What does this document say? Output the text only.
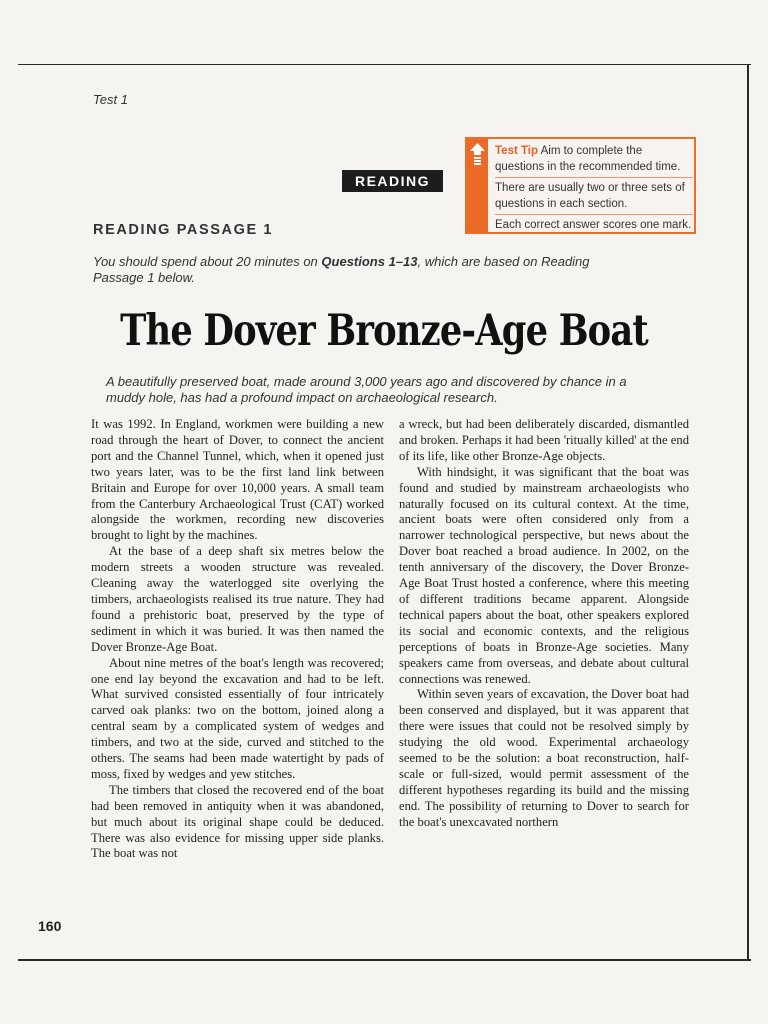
Test 1
READING

Test Tip Aim to complete the questions in the recommended time.

There are usually two or three sets of questions in each section.

Each correct answer scores one mark.

READING PASSAGE 1
You should spend about 20 minutes on Questions 1–13, which are based on Reading Passage 1 below.
The Dover Bronze-Age Boat
A beautifully preserved boat, made around 3,000 years ago and discovered by chance in a muddy hole, has had a profound impact on archaeological research.

It was 1992. In England, workmen were building a new road through the heart of Dover, to connect the ancient port and the Channel Tunnel, which, when it opened just two years later, was to be the first land link between Britain and Europe for over 10,000 years. A small team from the Canterbury Archaeological Trust (CAT) worked alongside the workmen, recording new discoveries brought to light by the machines.

At the base of a deep shaft six metres below the modern streets a wooden structure was revealed. Cleaning away the waterlogged site overlying the timbers, archaeologists realised its true nature. They had found a prehistoric boat, preserved by the type of sediment in which it was buried. It was then named the Dover Bronze-Age Boat.

About nine metres of the boat's length was recovered; one end lay beyond the excavation and had to be left. What survived consisted essentially of four intricately carved oak planks: two on the bottom, joined along a central seam by a complicated system of wedges and timbers, and two at the side, curved and stitched to the others. The seams had been made watertight by pads of moss, fixed by wedges and yew stitches.

The timbers that closed the recovered end of the boat had been removed in antiquity when it was abandoned, but much about its original shape could be deduced. There was also evidence for missing upper side planks. The boat was not

a wreck, but had been deliberately discarded, dismantled and broken. Perhaps it had been 'ritually killed' at the end of its life, like other Bronze-Age objects.

With hindsight, it was significant that the boat was found and studied by mainstream archaeologists who naturally focused on its cultural context. At the time, ancient boats were often considered only from a narrower technological perspective, but news about the Dover boat reached a broad audience. In 2002, on the tenth anniversary of the discovery, the Dover Bronze-Age Boat Trust hosted a conference, where this meeting of different traditions became apparent. Alongside technical papers about the boat, other speakers explored its social and economic contexts, and the religious perceptions of boats in Bronze-Age societies. Many speakers came from overseas, and debate about cultural connections was renewed.

Within seven years of excavation, the Dover boat had been conserved and displayed, but it was apparent that there were issues that could not be resolved simply by studying the old wood. Experimental archaeology seemed to be the solution: a boat reconstruction, half-scale or full-sized, would permit assessment of the different hypotheses regarding its build and the missing end. The possibility of returning to Dover to search for the boat's unexcavated northern

160
